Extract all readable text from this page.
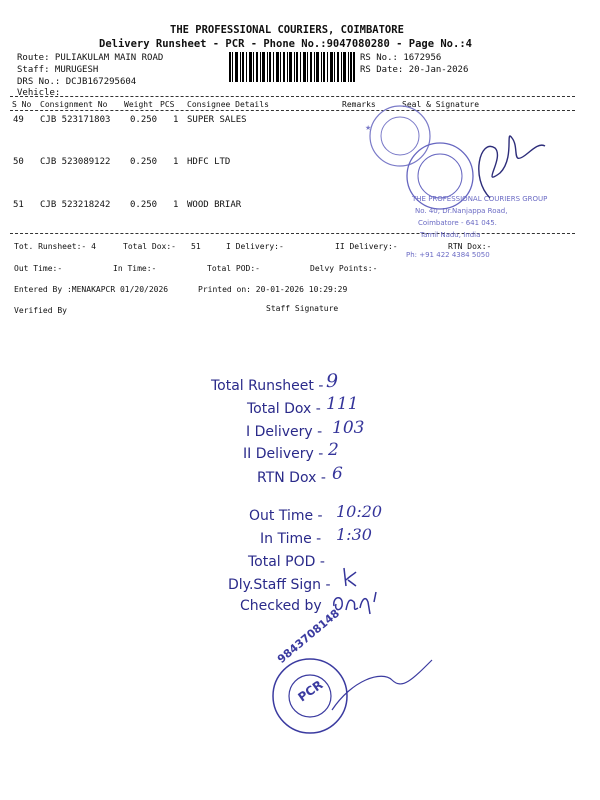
THE PROFESSIONAL COURIERS, COIMBATORE
Delivery Runsheet - PCR - Phone No.:9047080280 - Page No.:4
Route: PULIAKULAM MAIN ROAD
Staff: MURUGESH
DRS No.: DCJB167295604
Vehicle:
RS No.: 1672956
RS Date: 20-Jan-2026
S No Consignment No Weight PCS Consignee Details	Remarks	Seal & Signature
49 CJB 523171803 0.250 1 SUPER SALES
50 CJB 523089122 0.250 1 HDFC LTD
51 CJB 523218242 0.250 1 WOOD BRIAR
Tot. Runsheet:- 4	Total Dox:- 51	I Delivery:-	II Delivery:-	RTN Dox:-
Out Time:-	In Time:-	Total POD:-	Delvy Points:-
Entered By :MENAKAPCR 01/20/2026	Printed on: 20-01-2026 10:29:29
Verified By	Staff Signature
★
THE PROFESSIONAL COURIERS GROUP
No. 40, Dr.Nanjappa Road,
Coimbatore - 641 045.
Tamil Nadu, India
Ph: +91 422 4384 5050
Total Runsheet - 9
Total Dox - 111
I Delivery - 103
II Delivery - 2
RTN Dox - 6
Out Time - 10:20
In Time - 1:30
Total POD -
Dly.Staff Sign -
Checked by
9843708148
PCR
